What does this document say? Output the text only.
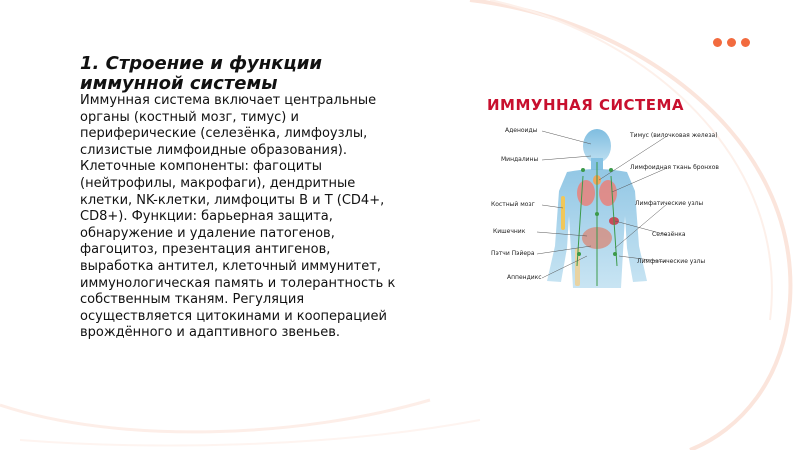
1. Строение и функции иммунной системы

Иммунная система включает центральные органы (костный мозг, тимус) и периферические (селезёнка, лимфоузлы, слизистые лимфоидные образования). Клеточные компоненты: фагоциты (нейтрофилы, макрофаги), дендритные клетки, NK-клетки, лимфоциты B и T (CD4+, CD8+). Функции: барьерная защита, обнаружение и удаление патогенов, фагоцитоз, презентация антигенов, выработка антител, клеточный иммунитет, иммунологическая память и толерантность к собственным тканям. Регуляция осуществляется цитокинами и кооперацией врождённого и адаптивного звеньев.

ИММУННАЯ СИСТЕМА
Аденоиды
Миндалины
Костный мозг
Кишечник
Пэтчи Пэйера
Аппендикс
Тимус (вилочковая железа)
Лимфоидная ткань бронхов
Лимфатические узлы
Селезёнка
Лимфатические узлы
